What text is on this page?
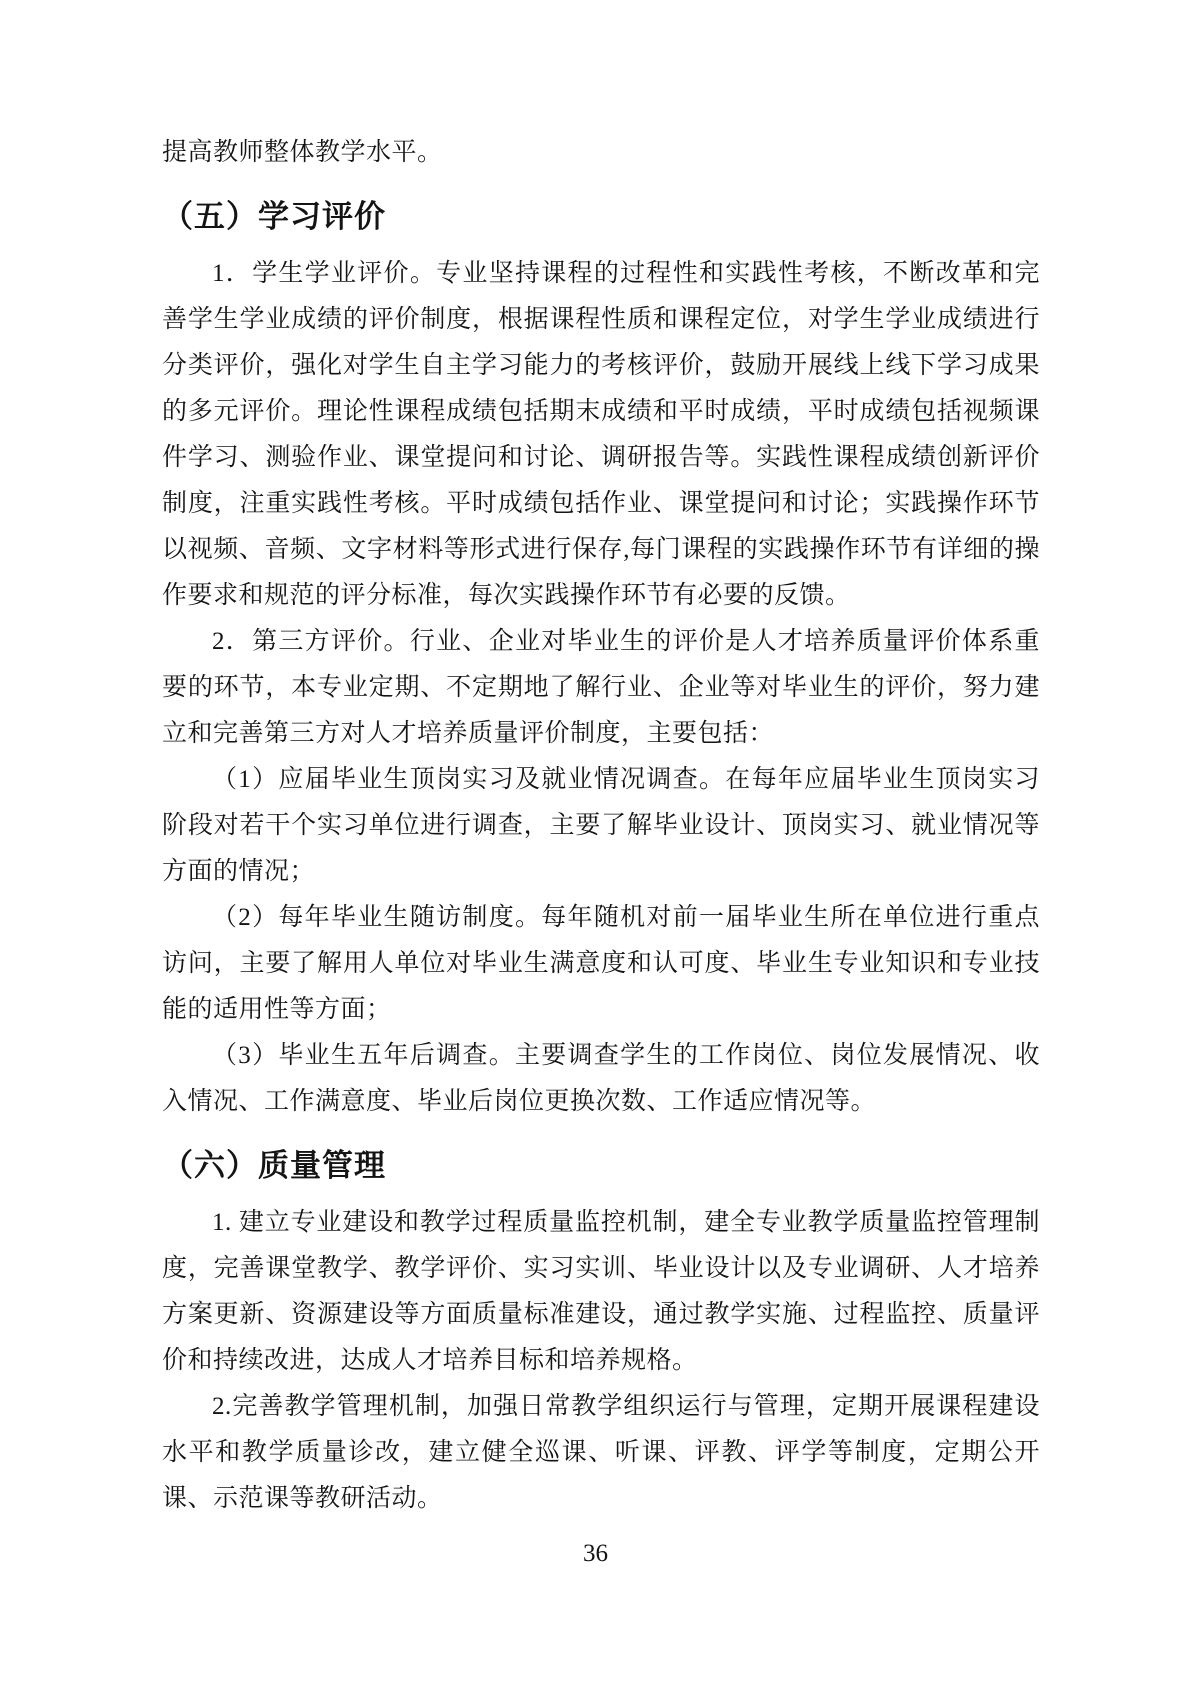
提高教师整体教学水平。

（五）学习评价

1．学生学业评价。专业坚持课程的过程性和实践性考核，不断改革和完善学生学业成绩的评价制度，根据课程性质和课程定位，对学生学业成绩进行分类评价，强化对学生自主学习能力的考核评价，鼓励开展线上线下学习成果的多元评价。理论性课程成绩包括期末成绩和平时成绩，平时成绩包括视频课件学习、测验作业、课堂提问和讨论、调研报告等。实践性课程成绩创新评价制度，注重实践性考核。平时成绩包括作业、课堂提问和讨论；实践操作环节以视频、音频、文字材料等形式进行保存,每门课程的实践操作环节有详细的操作要求和规范的评分标准，每次实践操作环节有必要的反馈。

2．第三方评价。行业、企业对毕业生的评价是人才培养质量评价体系重要的环节，本专业定期、不定期地了解行业、企业等对毕业生的评价，努力建立和完善第三方对人才培养质量评价制度，主要包括：

（1）应届毕业生顶岗实习及就业情况调查。在每年应届毕业生顶岗实习阶段对若干个实习单位进行调查，主要了解毕业设计、顶岗实习、就业情况等方面的情况；

（2）每年毕业生随访制度。每年随机对前一届毕业生所在单位进行重点访问，主要了解用人单位对毕业生满意度和认可度、毕业生专业知识和专业技能的适用性等方面；

（3）毕业生五年后调查。主要调查学生的工作岗位、岗位发展情况、收入情况、工作满意度、毕业后岗位更换次数、工作适应情况等。

（六）质量管理

1. 建立专业建设和教学过程质量监控机制，建全专业教学质量监控管理制度，完善课堂教学、教学评价、实习实训、毕业设计以及专业调研、人才培养方案更新、资源建设等方面质量标准建设，通过教学实施、过程监控、质量评价和持续改进，达成人才培养目标和培养规格。

2.完善教学管理机制，加强日常教学组织运行与管理，定期开展课程建设水平和教学质量诊改，建立健全巡课、听课、评教、评学等制度，定期公开课、示范课等教研活动。

36
